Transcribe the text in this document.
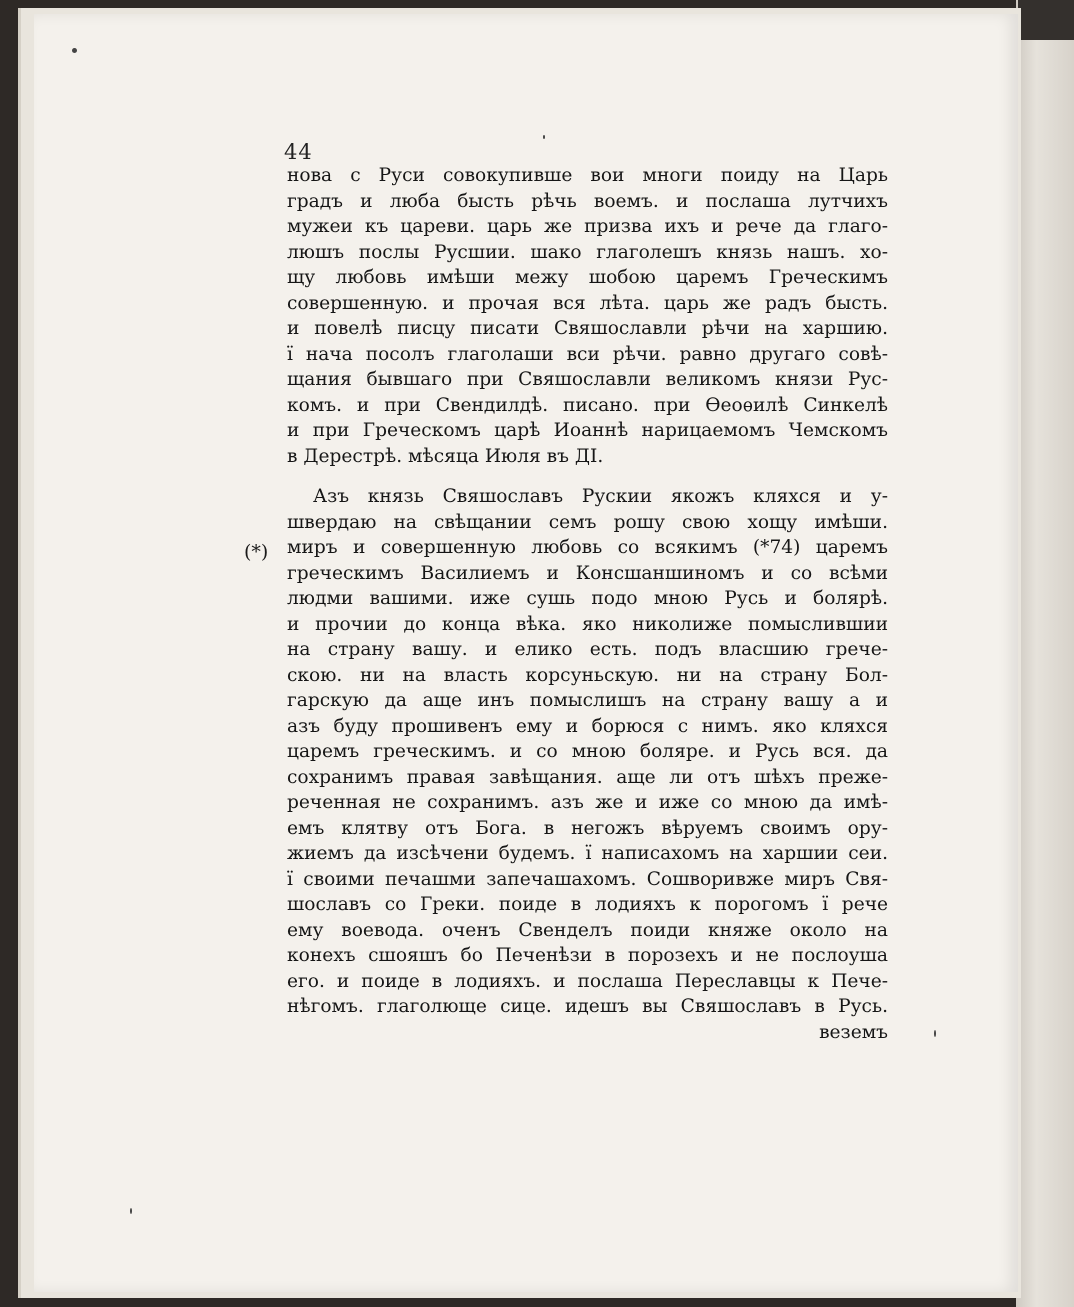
44
(*)
нова с Руси совокупивше вои многи поиду на Царь
градъ и люба бысть рѣчь воемъ. и послаша лутчихъ
мужеи къ цареви. царь же призва ихъ и рече да глаго-
люшъ послы Русшии. шако глаголешъ князь нашъ. хо-
щу любовь имѣши межу шобою царемъ Греческимъ
совершенную. и прочая вся лѣта. царь же радъ бысть.
и повелѣ писцу писати Свяшославли рѣчи на харшию.
ї нача посолъ глаголаши вси рѣчи. равно другаго совѣ-
щания бывшаго при Свяшославли великомъ князи Рус-
комъ. и при Свендилдѣ. писано. при Ѳеоѳилѣ Синкелѣ
и при Греческомъ царѣ Иоаннѣ нарицаемомъ Чемскомъ
в Дерестрѣ. мѣсяца Июля въ ДІ.
Азъ князь Свяшославъ Рускии якожъ кляхся и у-
швердаю на свѣщании семъ рошу свою хощу имѣши.
миръ и совершенную любовь со всякимъ (*74) царемъ
греческимъ Василиемъ и Консшаншиномъ и со всѣми
людми вашими. иже сушь подо мною Русь и болярѣ.
и прочии до конца вѣка. яко николиже помыслившии
на страну вашу. и елико есть. подъ власшию грече-
скою. ни на власть корсуньскую. ни на страну Бол-
гарскую да аще инъ помыслишъ на страну вашу а и
азъ буду прошивенъ ему и борюся с нимъ. яко кляхся
царемъ греческимъ. и со мною боляре. и Русь вся. да
сохранимъ правая завѣщания. аще ли отъ шѣхъ преже-
реченная не сохранимъ. азъ же и иже со мною да имѣ-
емъ клятву отъ Бога. в негожъ вѣруемъ своимъ ору-
жиемъ да изсѣчени будемъ. ї написахомъ на харшии сеи.
ї своими печашми запечашахомъ. Сошворивже миръ Свя-
шославъ со Греки. поиде в лодияхъ к порогомъ ї рече
ему воевода. оченъ Свенделъ поиди княже около на
конехъ сшояшъ бо Печенѣзи в порозехъ и не послоуша
его. и поиде в лодияхъ. и послаша Переславцы к Пече-
нѣгомъ. глаголюще сице. идешъ вы Свяшославъ в Русь.
веземъ
